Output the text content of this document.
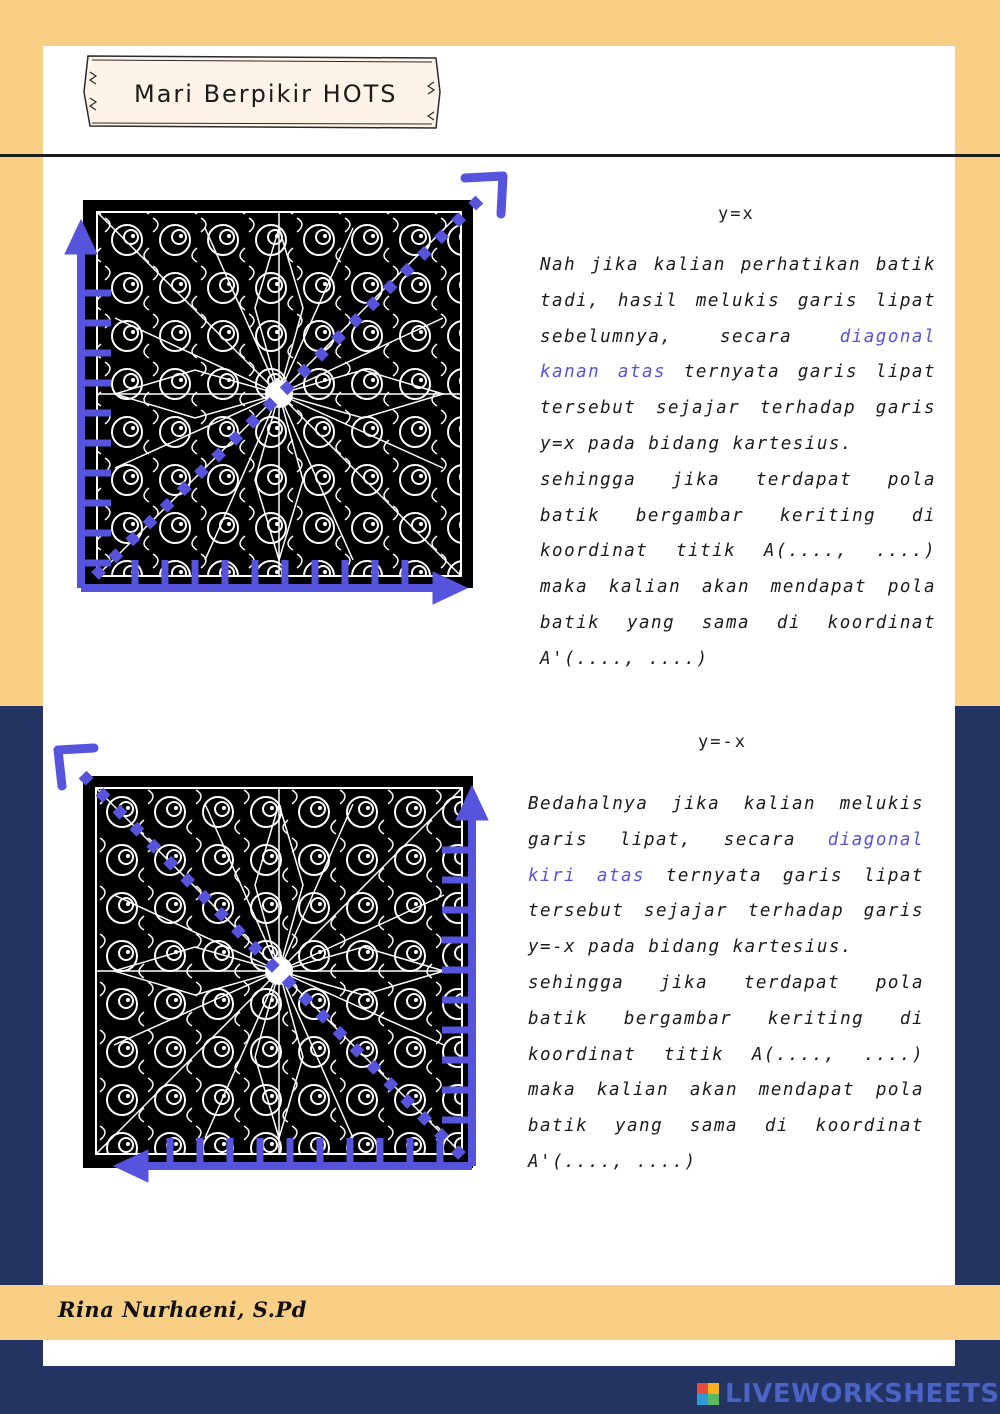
Mari Berpikir HOTS
y=x

Nah jika kalian perhatikan batik tadi, hasil melukis garis lipat sebelumnya, secara diagonal kanan atas ternyata garis lipat tersebut sejajar terhadap garis y=x pada bidang kartesius.

sehingga jika terdapat pola batik bergambar keriting di koordinat titik A(...., ....) maka kalian akan mendapat pola batik yang sama di koordinat A'(...., ....)

y=-x

Bedahalnya jika kalian melukis garis lipat, secara diagonal kiri atas ternyata garis lipat tersebut sejajar terhadap garis y=-x pada bidang kartesius.

sehingga jika terdapat pola batik bergambar keriting di koordinat titik A(...., ....) maka kalian akan mendapat pola batik yang sama di koordinat A'(...., ....)

Rina Nurhaeni, S.Pd
LIVEWORKSHEETS
